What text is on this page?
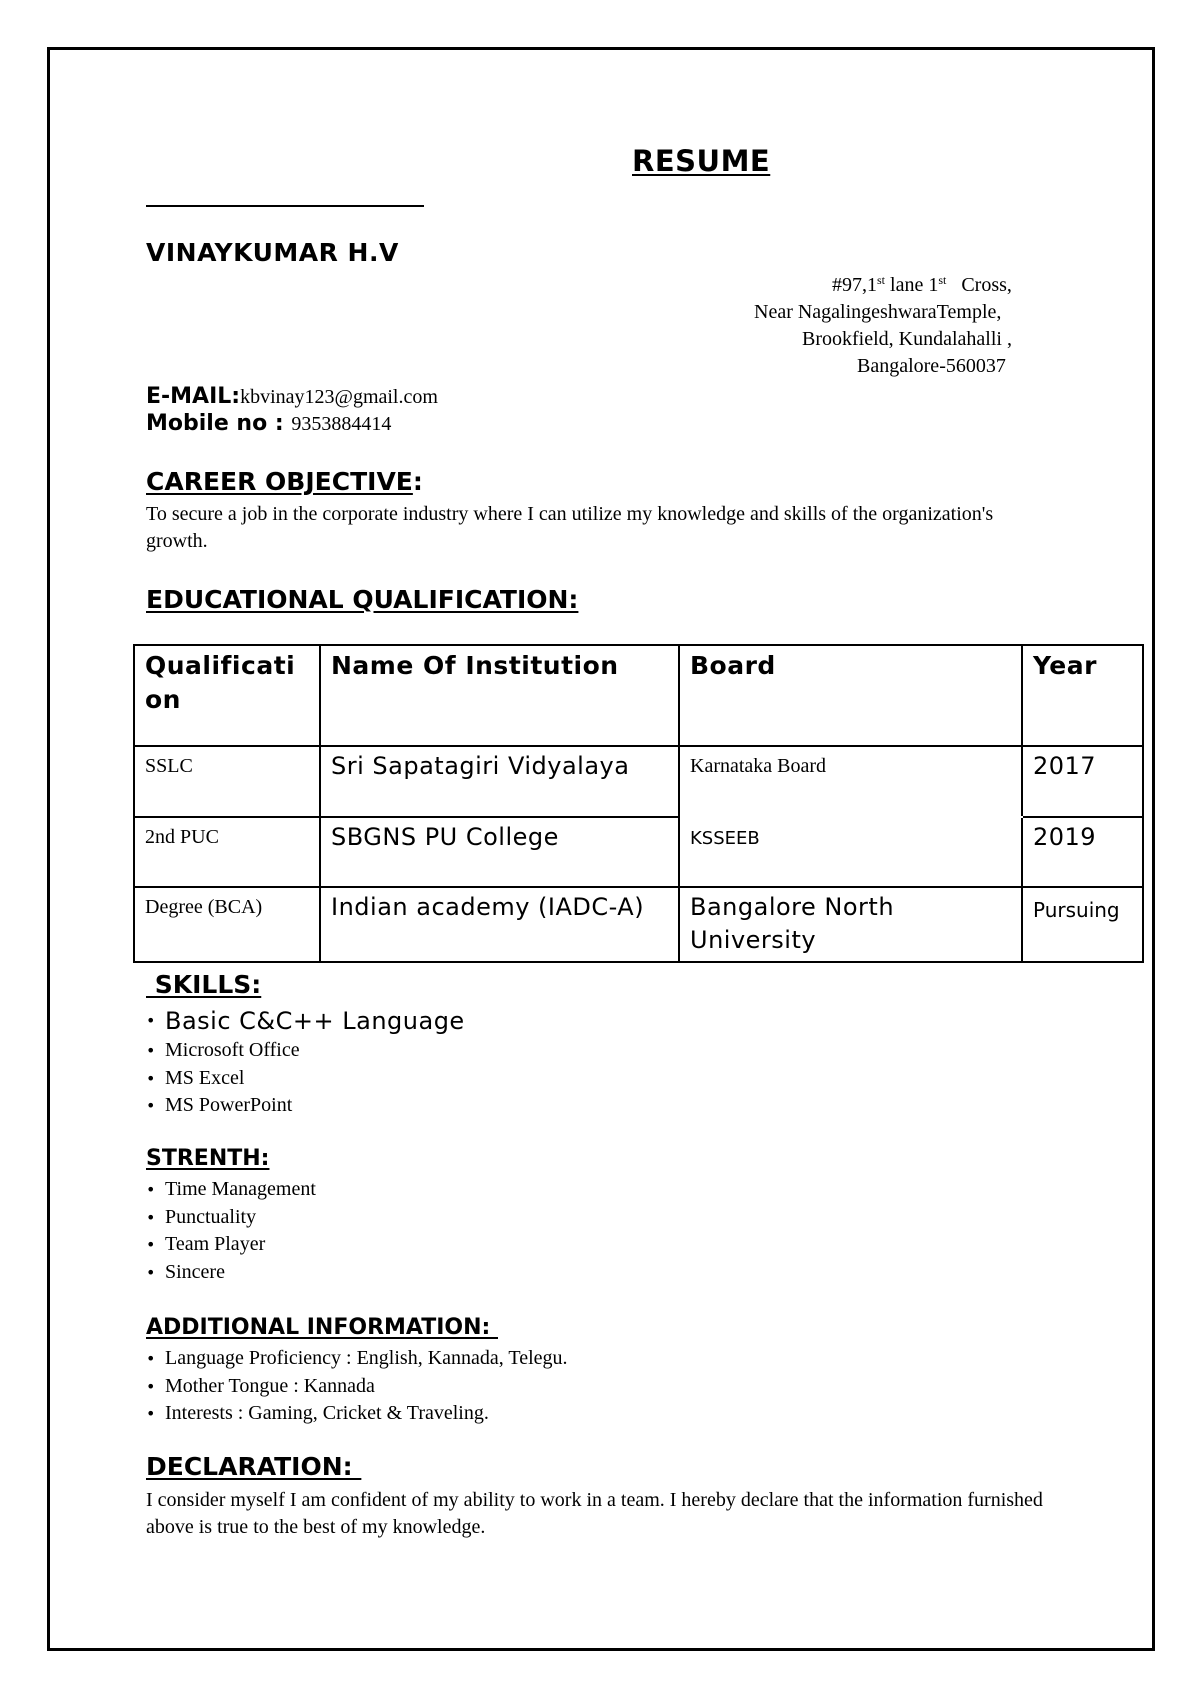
RESUME
VINAYKUMAR H.V
#97,1st lane 1st   Cross,
Near NagalingeshwaraTemple,
Brookfield, Kundalahalli ,
Bangalore-560037
E-MAIL:kbvinay123@gmail.com
Mobile no : 9353884414
CAREER OBJECTIVE:
To secure a job in the corporate industry where I can utilize my knowledge and skills of the organization's growth.
EDUCATIONAL QUALIFICATION:
Qualificati
on	Name Of Institution	Board	Year
SSLC	Sri Sapatagiri Vidyalaya	Karnataka Board	2017
2nd PUC	SBGNS PU College	KSSEEB	2019
Degree (BCA)	Indian academy (IADC-A)	Bangalore North University	Pursuing
SKILLS:
• Basic C&C++ Language
• Microsoft Office
• MS Excel
• MS PowerPoint
STRENTH:
• Time Management
• Punctuality
• Team Player
• Sincere
ADDITIONAL INFORMATION:
• Language Proficiency : English, Kannada, Telegu.
• Mother Tongue : Kannada
• Interests : Gaming, Cricket & Traveling.
DECLARATION:
I consider myself I am confident of my ability to work in a team. I hereby declare that the information furnished above is true to the best of my knowledge.
